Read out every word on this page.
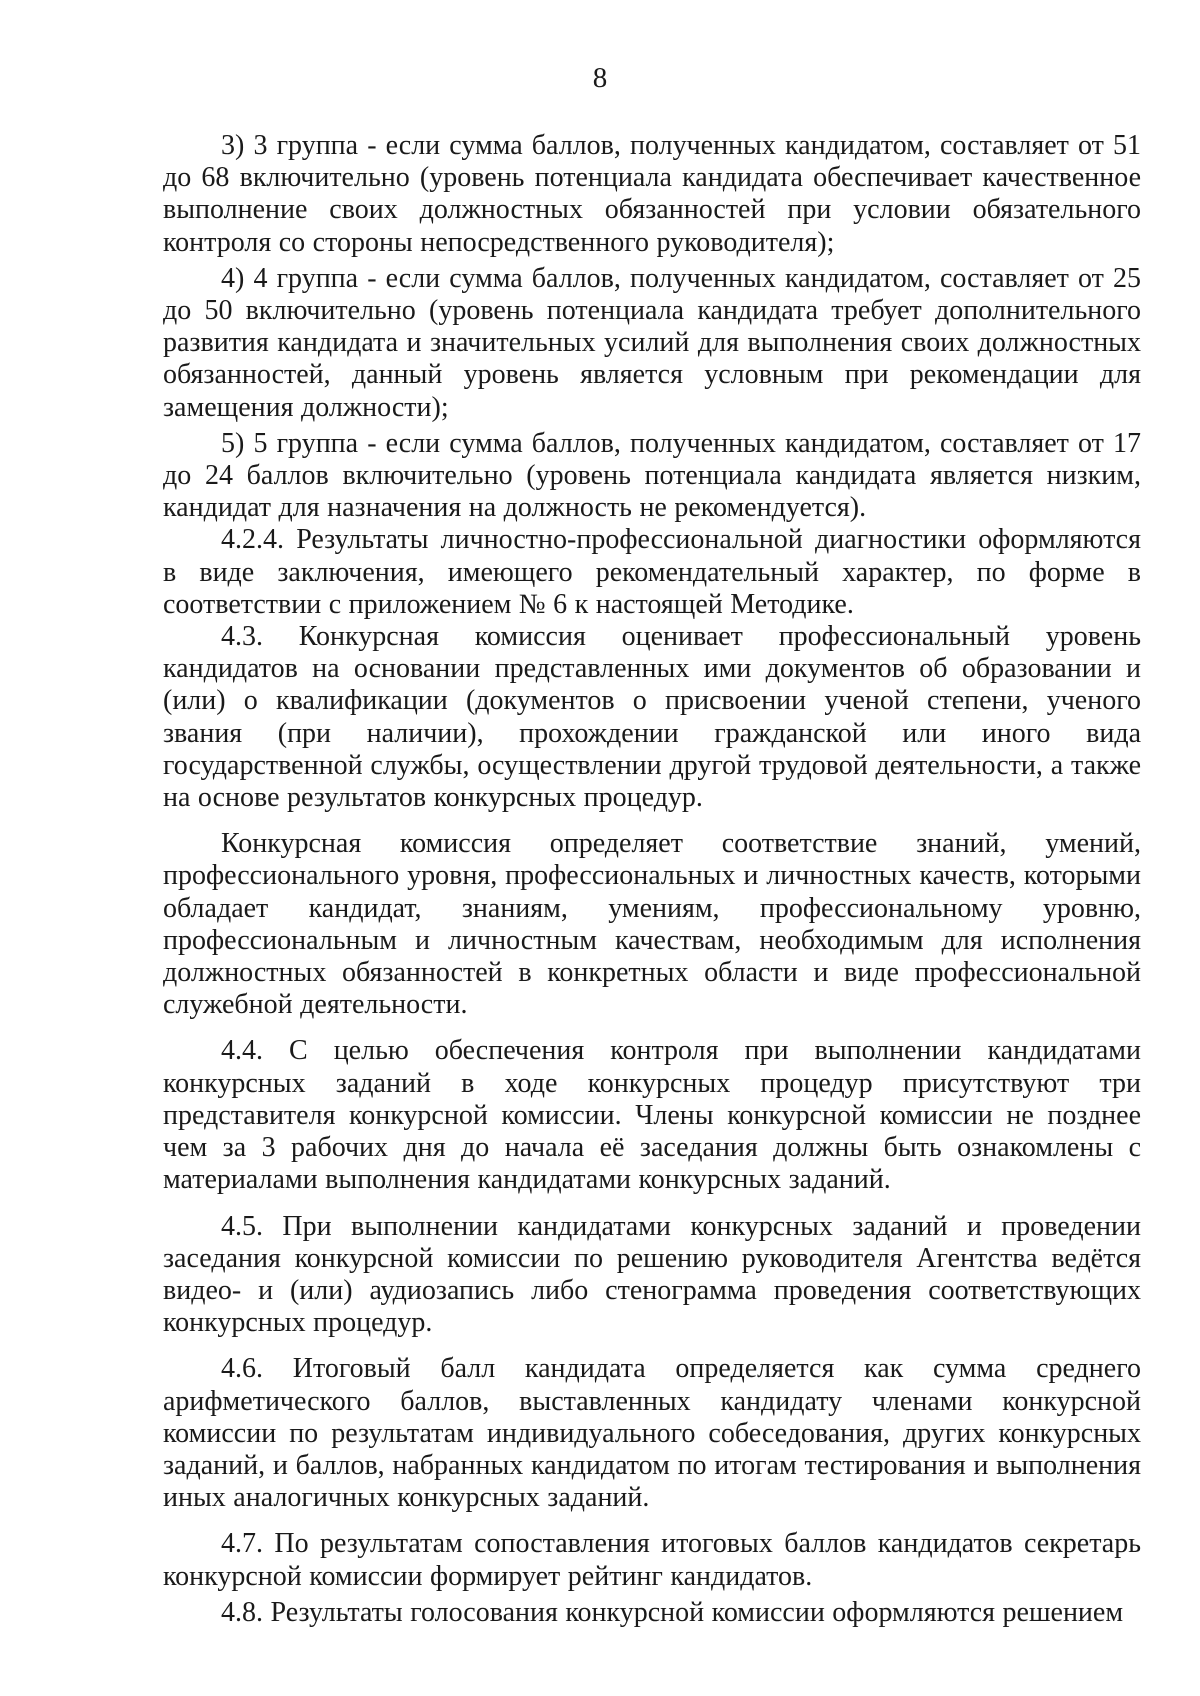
8

3) 3 группа - если сумма баллов, полученных кандидатом, составляет от 51 до 68 включительно (уровень потенциала кандидата обеспечивает качественное выполнение своих должностных обязанностей при условии обязательного контроля со стороны непосредственного руководителя);

4) 4 группа - если сумма баллов, полученных кандидатом, составляет от 25 до 50 включительно (уровень потенциала кандидата требует дополнительного развития кандидата и значительных усилий для выполнения своих должностных обязанностей, данный уровень является условным при рекомендации для замещения должности);

5) 5 группа - если сумма баллов, полученных кандидатом, составляет от 17 до 24 баллов включительно (уровень потенциала кандидата является низким, кандидат для назначения на должность не рекомендуется).

4.2.4. Результаты личностно-профессиональной диагностики оформляются в виде заключения, имеющего рекомендательный характер, по форме в соответствии с приложением № 6 к настоящей Методике.

4.3. Конкурсная комиссия оценивает профессиональный уровень кандидатов на основании представленных ими документов об образовании и (или) о квалификации (документов о присвоении ученой степени, ученого звания (при наличии), прохождении гражданской или иного вида государственной службы, осуществлении другой трудовой деятельности, а также на основе результатов конкурсных процедур.

Конкурсная комиссия определяет соответствие знаний, умений, профессионального уровня, профессиональных и личностных качеств, которыми обладает кандидат, знаниям, умениям, профессиональному уровню, профессиональным и личностным качествам, необходимым для исполнения должностных обязанностей в конкретных области и виде профессиональной служебной деятельности.

4.4. С целью обеспечения контроля при выполнении кандидатами конкурсных заданий в ходе конкурсных процедур присутствуют три представителя конкурсной комиссии. Члены конкурсной комиссии не позднее чем за 3 рабочих дня до начала её заседания должны быть ознакомлены с материалами выполнения кандидатами конкурсных заданий.

4.5. При выполнении кандидатами конкурсных заданий и проведении заседания конкурсной комиссии по решению руководителя Агентства ведётся видео- и (или) аудиозапись либо стенограмма проведения соответствующих конкурсных процедур.

4.6. Итоговый балл кандидата определяется как сумма среднего арифметического баллов, выставленных кандидату членами конкурсной комиссии по результатам индивидуального собеседования, других конкурсных заданий, и баллов, набранных кандидатом по итогам тестирования и выполнения иных аналогичных конкурсных заданий.

4.7. По результатам сопоставления итоговых баллов кандидатов секретарь конкурсной комиссии формирует рейтинг кандидатов.

4.8. Результаты голосования конкурсной комиссии оформляются решением
